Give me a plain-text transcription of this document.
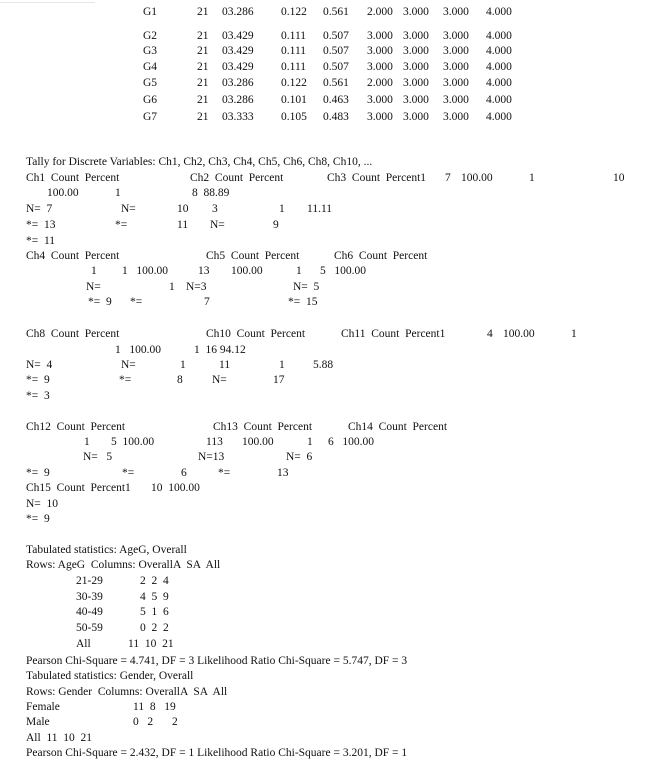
G1	21 03.286 0.122 0.561 2.000 3.000 3.000 4.000
G2	21 03.429 0.111 0.507 3.000 3.000 3.000 4.000
G3	21 03.429 0.111 0.507 3.000 3.000 3.000 4.000
G4	21 03.429 0.111 0.507 3.000 3.000 3.000 4.000
G5	21 03.286 0.122 0.561 2.000 3.000 3.000 4.000
G6	21 03.286 0.101 0.463 3.000 3.000 3.000 4.000
G7	21 03.333 0.105 0.483 3.000 3.000 3.000 4.000
Tally for Discrete Variables: Ch1, Ch2, Ch3, Ch4, Ch5, Ch6, Ch8, Ch10, ...
Ch1  Count  Percent	Ch2  Count  Percent	Ch3  Count  Percent1 7 100.00	1	10
100.00	1	8  88.89
N=  7	N=	10 3	1 11.11
*=  13	*=	11 N=	9
*=  11
Ch4  Count  Percent	Ch5  Count  Percent	Ch6  Count  Percent
1 1   100.00	13 100.00	1 5   100.00
N=	1 N=3	N=  5
*=  9 *=	7	*=  15
Ch8  Count  Percent	Ch10  Count  Percent	Ch11  Count  Percent1	4 100.00	1
1   100.00	1  16 94.12
N=  4	N=	1	11	1 5.88
*=  9	*=	8	N=	17
*=  3
Ch12  Count  Percent	Ch13  Count  Percent	Ch14  Count  Percent
1 5  100.00	113 100.00	1 6   100.00
N=   5	N=13	N=  6
*=  9	*=	6	*=	13
Ch15  Count  Percent1 10  100.00
N=  10
*=  9
Tabulated statistics: AgeG, Overall
Rows: AgeG  Columns: OverallA  SA  All
21-29	2  2  4
30-39	4  5  9
40-49	5  1  6
50-59	0  2  2
All	11  10  21
Pearson Chi-Square = 4.741, DF = 3 Likelihood Ratio Chi-Square = 5.747, DF = 3
Tabulated statistics: Gender, Overall
Rows: Gender  Columns: OverallA  SA  All
Female	11  8   19
Male	0   2 2
All  11  10  21
Pearson Chi-Square = 2.432, DF = 1 Likelihood Ratio Chi-Square = 3.201, DF = 1
